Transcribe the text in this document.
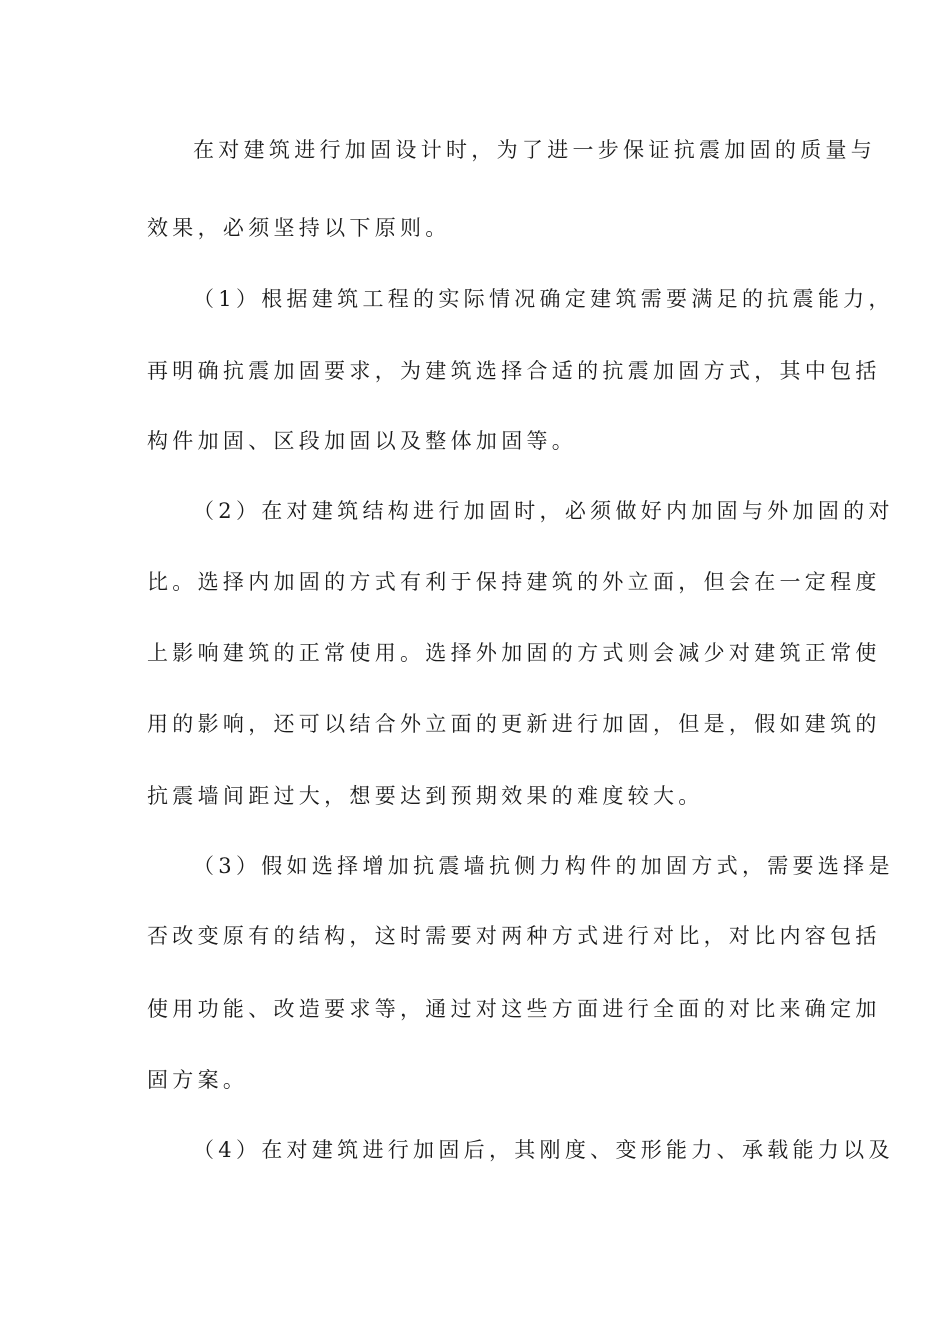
在对建筑进行加固设计时，为了进一步保证抗震加固的质量与
效果，必须坚持以下原则。
（1）根据建筑工程的实际情况确定建筑需要满足的抗震能力，
再明确抗震加固要求，为建筑选择合适的抗震加固方式，其中包括
构件加固、区段加固以及整体加固等。
（2）在对建筑结构进行加固时，必须做好内加固与外加固的对
比。选择内加固的方式有利于保持建筑的外立面，但会在一定程度
上影响建筑的正常使用。选择外加固的方式则会减少对建筑正常使
用的影响，还可以结合外立面的更新进行加固，但是，假如建筑的
抗震墙间距过大，想要达到预期效果的难度较大。
（3）假如选择增加抗震墙抗侧力构件的加固方式，需要选择是
否改变原有的结构，这时需要对两种方式进行对比，对比内容包括
使用功能、改造要求等，通过对这些方面进行全面的对比来确定加
固方案。
（4）在对建筑进行加固后，其刚度、变形能力、承载能力以及
